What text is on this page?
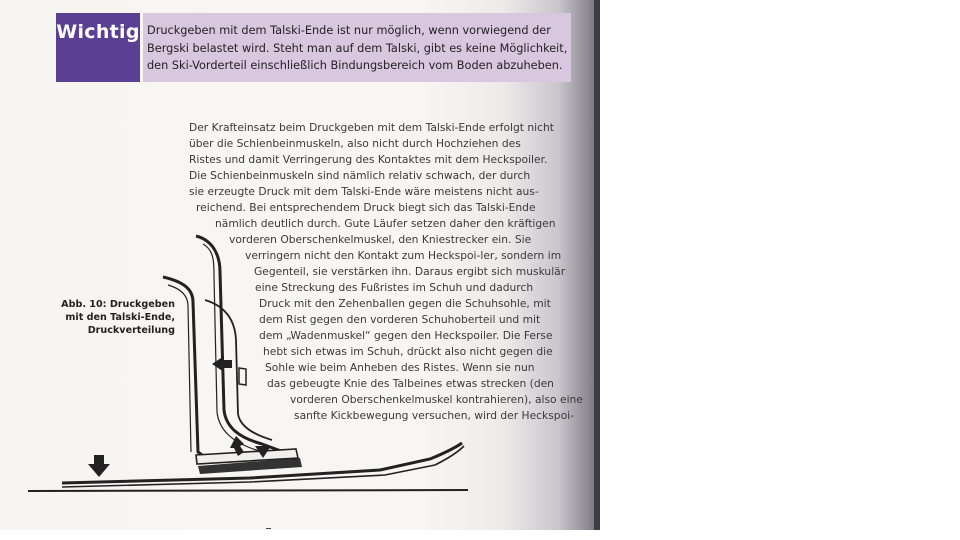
Wichtig Druckgeben mit dem Talski-Ende ist nur möglich, wenn vorwiegend der
Bergski belastet wird. Steht man auf dem Talski, gibt es keine Möglichkeit,
den Ski-Vorderteil einschließlich Bindungsbereich vom Boden abzuheben.
Abb. 10: Druckgeben
mit den Talski-Ende,
Druckverteilung
Der Krafteinsatz beim Druckgeben mit dem Talski-Ende erfolgt nicht
über die Schienbeinmuskeln, also nicht durch Hochziehen des
Ristes und damit Verringerung des Kontaktes mit dem Heckspoiler.
Die Schienbeinmuskeln sind nämlich relativ schwach, der durch
sie erzeugte Druck mit dem Talski-Ende wäre meistens nicht aus-
reichend. Bei entsprechendem Druck biegt sich das Talski-Ende
nämlich deutlich durch. Gute Läufer setzen daher den kräftigen
vorderen Oberschenkelmuskel, den Kniestrecker ein. Sie
verringern nicht den Kontakt zum Heckspoi-ler, sondern im
Gegenteil, sie verstärken ihn. Daraus ergibt sich muskulär
eine Streckung des Fußristes im Schuh und dadurch
Druck mit den Zehenballen gegen die Schuhsohle, mit
dem Rist gegen den vorderen Schuhoberteil und mit
dem „Wadenmuskel“ gegen den Heckspoiler. Die Ferse
hebt sich etwas im Schuh, drückt also nicht gegen die
Sohle wie beim Anheben des Ristes. Wenn sie nun
das gebeugte Knie des Talbeines etwas strecken (den
vorderen Oberschenkelmuskel kontrahieren), also eine
sanfte Kickbewegung versuchen, wird der Heckspoi-
